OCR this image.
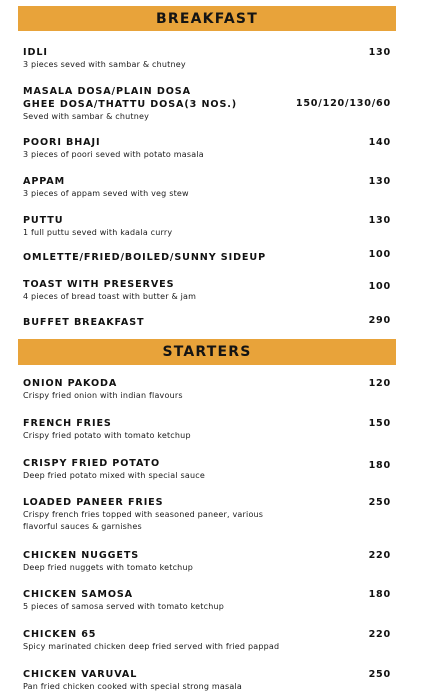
BREAKFAST
IDLI
3 pieces seved with sambar & chutney
130
MASALA DOSA/PLAIN DOSA
GHEE DOSA/THATTU DOSA(3 NOS.)
Seved with sambar & chutney
150/120/130/60
POORI BHAJI
3 pieces of poori seved with potato masala
140
APPAM
3 pieces of appam seved with veg stew
130
PUTTU
1 full puttu seved with kadala curry
130
OMLETTE/FRIED/BOILED/SUNNY SIDEUP	100
TOAST WITH PRESERVES
4 pieces of bread toast with butter & jam
100
BUFFET BREAKFAST	290
STARTERS
ONION PAKODA
Crispy fried onion with indian flavours
120
FRENCH FRIES
Crispy fried potato with tomato ketchup
150
CRISPY FRIED POTATO
Deep fried potato mixed with special sauce
180
LOADED PANEER FRIES
Crispy french fries topped with seasoned paneer, various
flavorful sauces & garnishes
250
CHICKEN NUGGETS
Deep fried nuggets with tomato ketchup
220
CHICKEN SAMOSA
5 pieces of samosa served with tomato ketchup
180
CHICKEN 65
Spicy marinated chicken deep fried served with fried pappad
220
CHICKEN VARUVAL
Pan fried chicken cooked with special strong masala
250
